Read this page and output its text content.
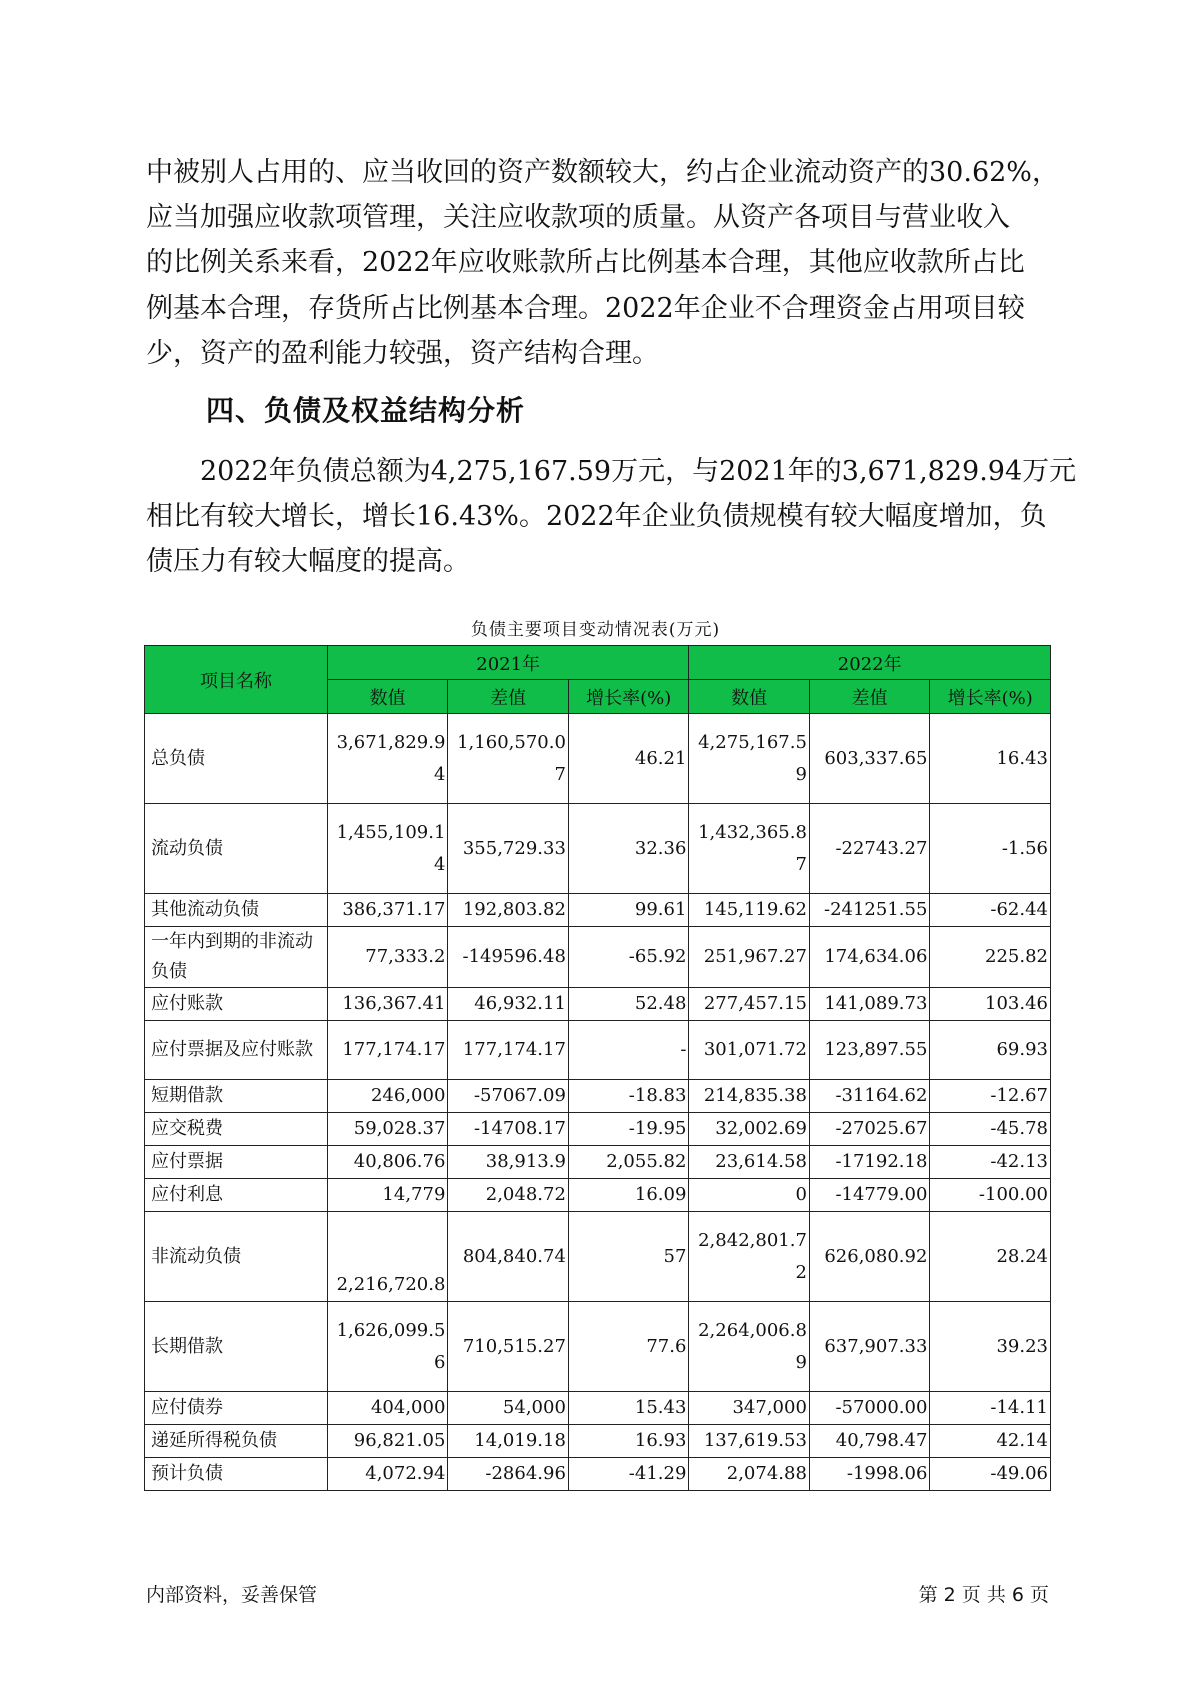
中被别人占用的、应当收回的资产数额较大，约占企业流动资产的30.62%，
应当加强应收款项管理，关注应收款项的质量。从资产各项目与营业收入
的比例关系来看，2022年应收账款所占比例基本合理，其他应收款所占比
例基本合理，存货所占比例基本合理。2022年企业不合理资金占用项目较
少，资产的盈利能力较强，资产结构合理。
四、负债及权益结构分析
2022年负债总额为4,275,167.59万元，与2021年的3,671,829.94万元
相比有较大增长，增长16.43%。2022年企业负债规模有较大幅度增加，负
债压力有较大幅度的提高。
负债主要项目变动情况表(万元)
项目名称	2021年			2022年		
	数值	差值	增长率(%)	数值	差值	增长率(%)
总负债	3,671,829.94	1,160,570.07	46.21	4,275,167.59	603,337.65	16.43
流动负债	1,455,109.14	355,729.33	32.36	1,432,365.87	-22743.27	-1.56
其他流动负债	386,371.17	192,803.82	99.61	145,119.62	-241251.55	-62.44
一年内到期的非流动负债	77,333.2	-149596.48	-65.92	251,967.27	174,634.06	225.82
应付账款	136,367.41	46,932.11	52.48	277,457.15	141,089.73	103.46
应付票据及应付账款	177,174.17	177,174.17	-	301,071.72	123,897.55	69.93
短期借款	246,000	-57067.09	-18.83	214,835.38	-31164.62	-12.67
应交税费	59,028.37	-14708.17	-19.95	32,002.69	-27025.67	-45.78
应付票据	40,806.76	38,913.9	2,055.82	23,614.58	-17192.18	-42.13
应付利息	14,779	2,048.72	16.09	0	-14779.00	-100.00
非流动负债	2,216,720.8	804,840.74	57	2,842,801.72	626,080.92	28.24
长期借款	1,626,099.56	710,515.27	77.6	2,264,006.89	637,907.33	39.23
应付债券	404,000	54,000	15.43	347,000	-57000.00	-14.11
递延所得税负债	96,821.05	14,019.18	16.93	137,619.53	40,798.47	42.14
预计负债	4,072.94	-2864.96	-41.29	2,074.88	-1998.06	-49.06
内部资料，妥善保管	第 2 页 共 6 页
